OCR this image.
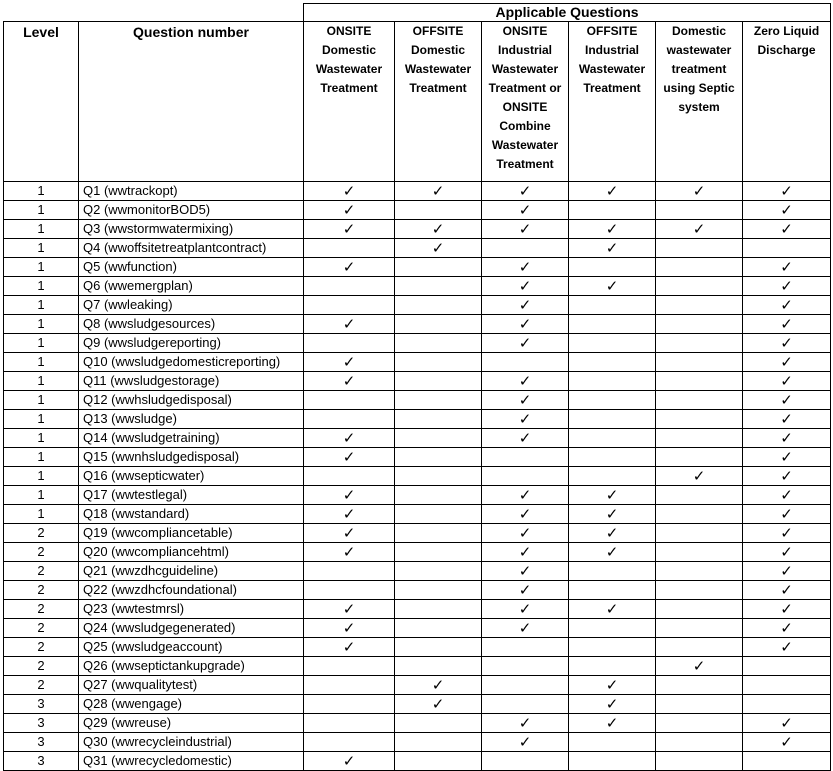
		Applicable Questions					
Level	Question number	ONSITE Domestic Wastewater Treatment	OFFSITE Domestic Wastewater Treatment	ONSITE Industrial Wastewater Treatment or ONSITE Combine Wastewater Treatment	OFFSITE Industrial Wastewater Treatment	Domestic wastewater treatment using Septic system	Zero Liquid Discharge
1	Q1 (wwtrackopt)	✓	✓	✓	✓	✓	✓
1	Q2 (wwmonitorBOD5)	✓		✓			✓
1	Q3 (wwstormwatermixing)	✓	✓	✓	✓	✓	✓
1	Q4 (wwoffsitetreatplantcontract)		✓		✓		
1	Q5 (wwfunction)	✓		✓			✓
1	Q6 (wwemergplan)			✓	✓		✓
1	Q7 (wwleaking)			✓			✓
1	Q8 (wwsludgesources)	✓		✓			✓
1	Q9 (wwsludgereporting)			✓			✓
1	Q10 (wwsludgedomesticreporting)	✓					✓
1	Q11 (wwsludgestorage)	✓		✓			✓
1	Q12 (wwhsludgedisposal)			✓			✓
1	Q13 (wwsludge)			✓			✓
1	Q14 (wwsludgetraining)	✓		✓			✓
1	Q15 (wwnhsludgedisposal)	✓					✓
1	Q16 (wwsepticwater)					✓	✓
1	Q17 (wwtestlegal)	✓		✓	✓		✓
1	Q18 (wwstandard)	✓		✓	✓		✓
2	Q19 (wwcompliancetable)	✓		✓	✓		✓
2	Q20 (wwcompliancehtml)	✓		✓	✓		✓
2	Q21 (wwzdhcguideline)			✓			✓
2	Q22 (wwzdhcfoundational)			✓			✓
2	Q23 (wwtestmrsl)	✓		✓	✓		✓
2	Q24 (wwsludgegenerated)	✓		✓			✓
2	Q25 (wwsludgeaccount)	✓					✓
2	Q26 (wwseptictankupgrade)					✓	
2	Q27 (wwqualitytest)		✓		✓		
3	Q28 (wwengage)		✓		✓		
3	Q29 (wwreuse)			✓	✓		✓
3	Q30 (wwrecycleindustrial)			✓			✓
3	Q31 (wwrecycledomestic)	✓					
